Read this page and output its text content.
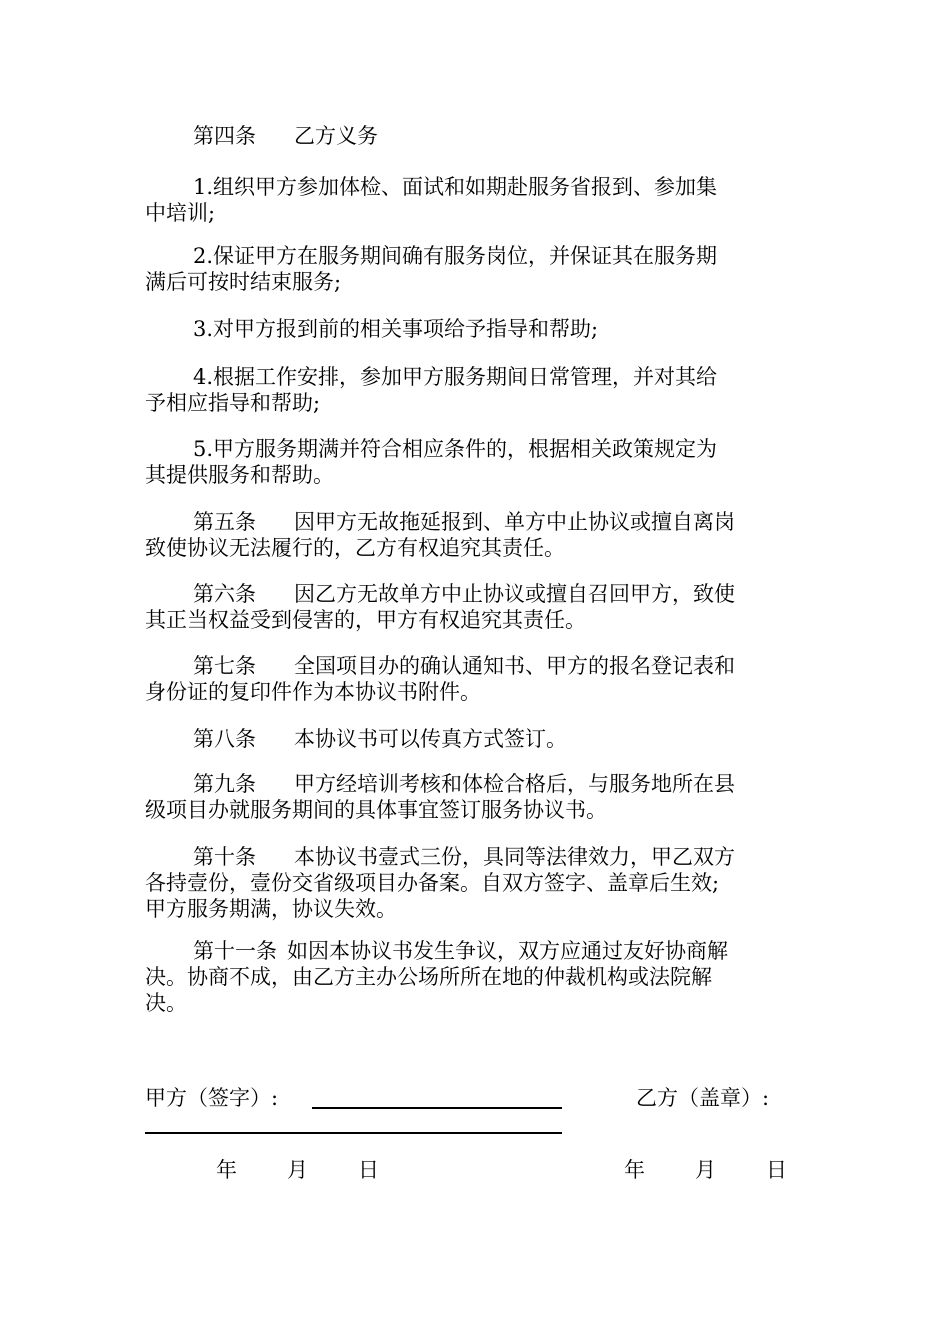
第四条 乙方义务

1.组织甲方参加体检、面试和如期赴服务省报到、参加集
中培训;

2.保证甲方在服务期间确有服务岗位，并保证其在服务期
满后可按时结束服务;

3.对甲方报到前的相关事项给予指导和帮助;

4.根据工作安排，参加甲方服务期间日常管理，并对其给
予相应指导和帮助;

5.甲方服务期满并符合相应条件的，根据相关政策规定为
其提供服务和帮助。

第五条 因甲方无故拖延报到、单方中止协议或擅自离岗
致使协议无法履行的，乙方有权追究其责任。

第六条 因乙方无故单方中止协议或擅自召回甲方，致使
其正当权益受到侵害的，甲方有权追究其责任。

第七条 全国项目办的确认通知书、甲方的报名登记表和
身份证的复印件作为本协议书附件。

第八条 本协议书可以传真方式签订。

第九条 甲方经培训考核和体检合格后，与服务地所在县
级项目办就服务期间的具体事宜签订服务协议书。

第十条 本协议书壹式三份，具同等法律效力，甲乙双方
各持壹份，壹份交省级项目办备案。自双方签字、盖章后生效;
甲方服务期满，协议失效。

第十一条 如因本协议书发生争议，双方应通过友好协商解
决。协商不成，由乙方主办公场所所在地的仲裁机构或法院解
决。

甲方（签字）:	乙方（盖章）:
年 月 日	年 月 日
